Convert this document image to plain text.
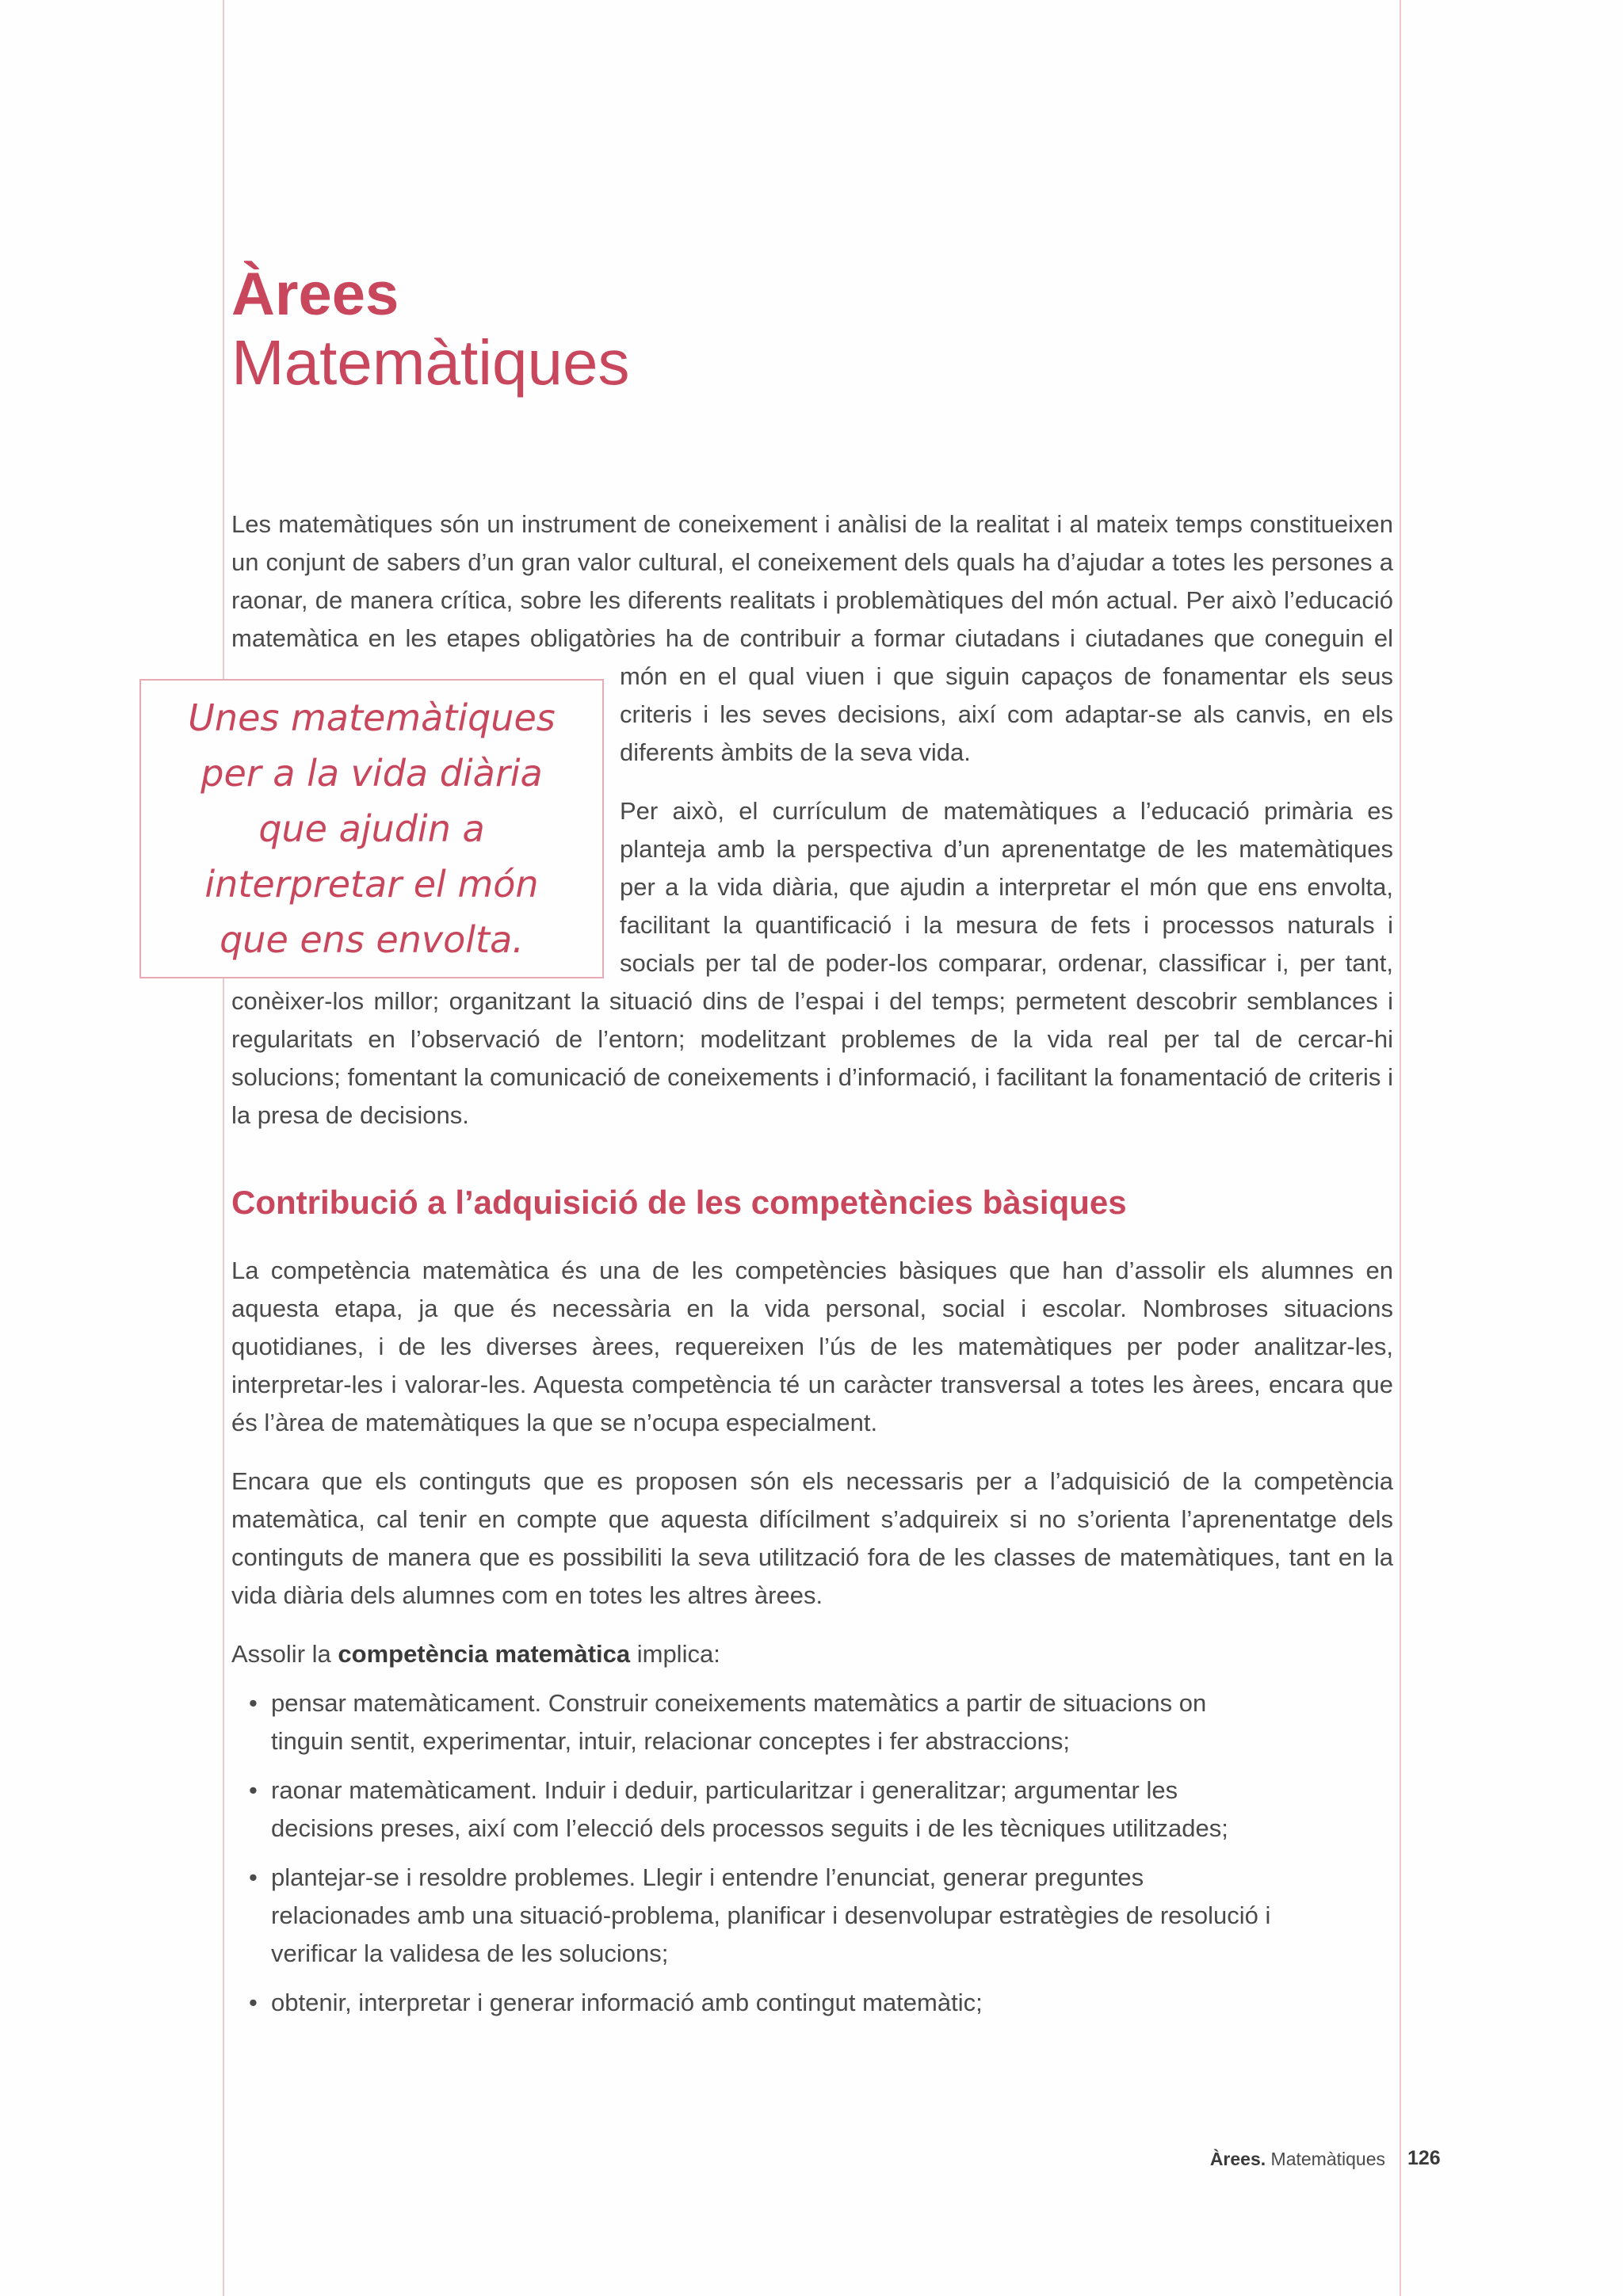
Àrees
Matemàtiques

Les matemàtiques són un instrument de coneixement i anàlisi de la realitat i al mateix temps constitueixen un conjunt de sabers d’un gran valor cultural, el coneixement dels quals ha d’ajudar a totes les persones a raonar, de manera crítica, sobre les diferents realitats i problemàtiques del món actual. Per això l’educació matemàtica en les etapes obligatòries ha de contribuir a formar ciutadans i ciutadanes que coneguin el món en el qual viuen i que siguin capaços de fonamentar els seus criteris i les seves decisions, així com adaptar-se als canvis, en els diferents àmbits de la seva vida.

Per això, el currículum de matemàtiques a l’educació primària es planteja amb la perspectiva d’un aprenentatge de les matemàtiques per a la vida diària, que ajudin a interpretar el món que ens envolta, facilitant la quantificació i la mesura de fets i processos naturals i socials per tal de poder-los comparar, ordenar, classificar i, per tant, conèixer-los millor; organitzant la situació dins de l’espai i del temps; permetent descobrir semblances i regularitats en l’observació de l’entorn; modelitzant problemes de la vida real per tal de cercar-hi solucions; fomentant la comunicació de coneixements i d’informació, i facilitant la fonamentació de criteris i la presa de decisions.

Unes matemàtiques per a la vida diària que ajudin a interpretar el món que ens envolta.
Contribució a l’adquisició de les competències bàsiques

La competència matemàtica és una de les competències bàsiques que han d’assolir els alumnes en aquesta etapa, ja que és necessària en la vida personal, social i escolar. Nombroses situacions quotidianes, i de les diverses àrees, requereixen l’ús de les matemàtiques per poder analitzar-les, interpretar-les i valorar-les. Aquesta competència té un caràcter transversal a totes les àrees, encara que és l’àrea de matemàtiques la que se n’ocupa especialment.

Encara que els continguts que es proposen són els necessaris per a l’adquisició de la competència matemàtica, cal tenir en compte que aquesta difícilment s’adquireix si no s’orienta l’aprenentatge dels continguts de manera que es possibiliti la seva utilització fora de les classes de matemàtiques, tant en la vida diària dels alumnes com en totes les altres àrees.

Assolir la competència matemàtica implica:

• pensar matemàticament. Construir coneixements matemàtics a partir de situacions on tinguin sentit, experimentar, intuir, relacionar conceptes i fer abstraccions;
• raonar matemàticament. Induir i deduir, particularitzar i generalitzar; argumentar les decisions preses, així com l’elecció dels processos seguits i de les tècniques utilitzades;
• plantejar-se i resoldre problemes. Llegir i entendre l’enunciat, generar preguntes relacionades amb una situació-problema, planificar i desenvolupar estratègies de resolució i verificar la validesa de les solucions;
• obtenir, interpretar i generar informació amb contingut matemàtic;
Àrees. Matemàtiques 126
